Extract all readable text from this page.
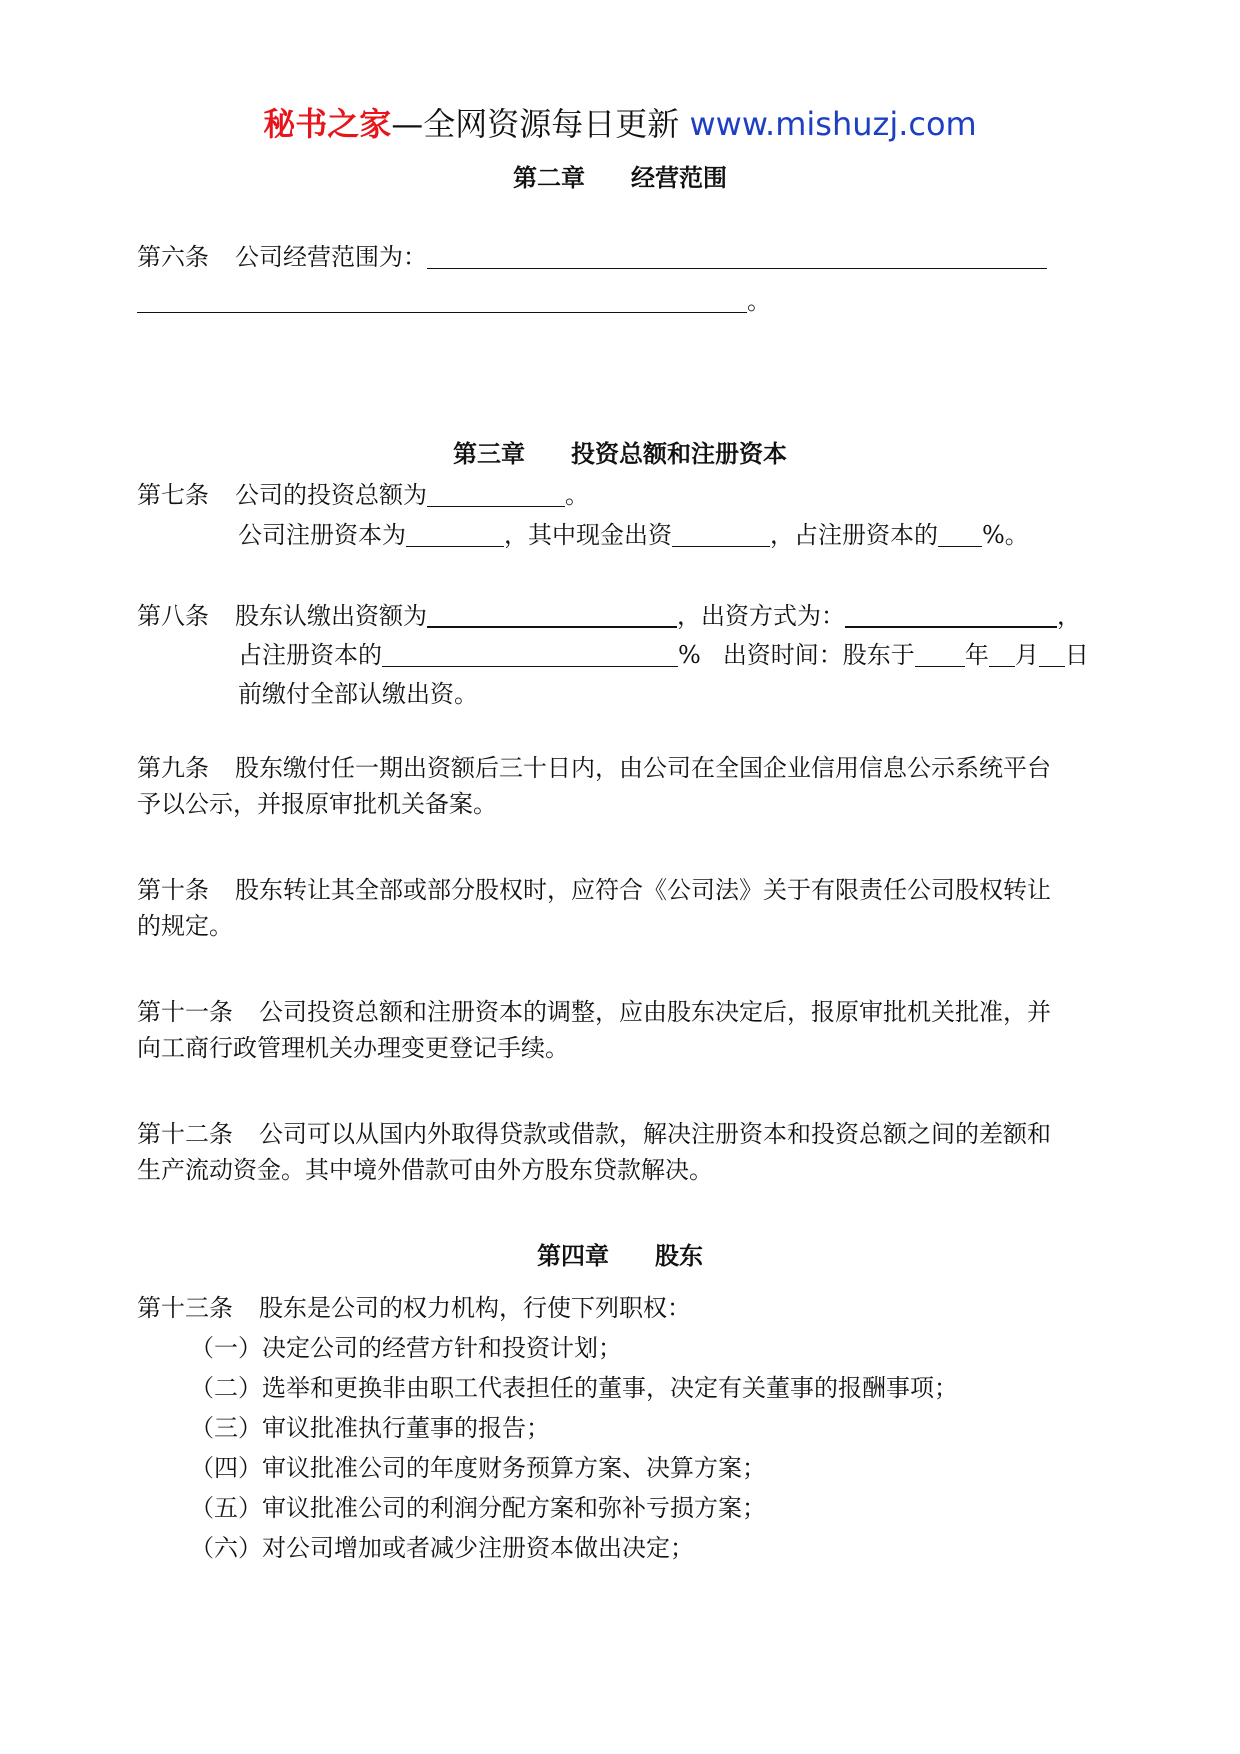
秘书之家—全网资源每日更新 www.mishuzj.com
第二章 经营范围
第六条 公司经营范围为：
。
第三章 投资总额和注册资本
第七条 公司的投资总额为	。
公司注册资本为	，其中现金出资	，占注册资本的 %。
第八条 股东认缴出资额为	，出资方式为：	，
占注册资本的	% 出资时间：股东于 年 月 日
前缴付全部认缴出资。
第九条 股东缴付任一期出资额后三十日内，由公司在全国企业信用信息公示系统平台
予以公示，并报原审批机关备案。
第十条 股东转让其全部或部分股权时，应符合《公司法》关于有限责任公司股权转让
的规定。
第十一条 公司投资总额和注册资本的调整，应由股东决定后，报原审批机关批准，并
向工商行政管理机关办理变更登记手续。
第十二条 公司可以从国内外取得贷款或借款，解决注册资本和投资总额之间的差额和
生产流动资金。其中境外借款可由外方股东贷款解决。
第四章 股东
第十三条 股东是公司的权力机构，行使下列职权：
（一）决定公司的经营方针和投资计划；
（二）选举和更换非由职工代表担任的董事，决定有关董事的报酬事项；
（三）审议批准执行董事的报告；
（四）审议批准公司的年度财务预算方案、决算方案；
（五）审议批准公司的利润分配方案和弥补亏损方案；
（六）对公司增加或者减少注册资本做出决定；
